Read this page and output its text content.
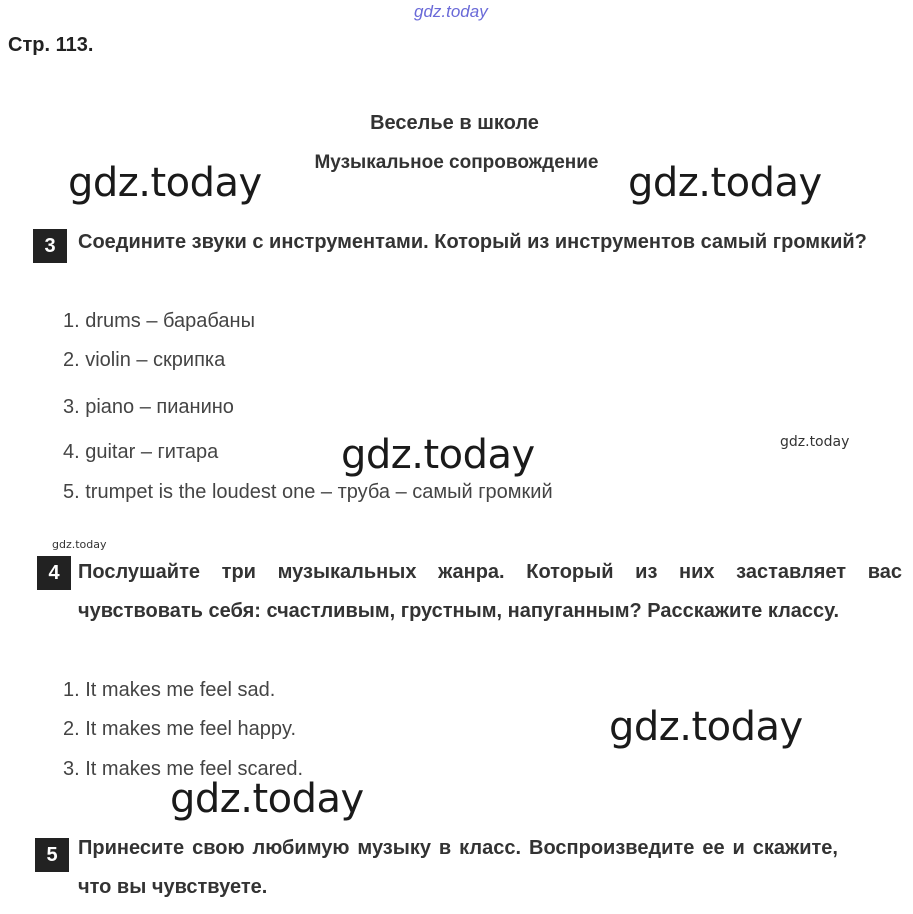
gdz.today
Стр. 113.
Веселье в школе
Музыкальное сопровождение
gdz.today	gdz.today
3	Соедините звуки с инструментами. Который из инструментов самый громкий?
1. drums – барабаны
2. violin – скрипка
3. piano – пианино
4. guitar – гитара
5. trumpet is the loudest one – труба – самый громкий
gdz.today	gdz.today
gdz.today
4 Послушайте три музыкальных жанра. Который из них заставляет вас чувствовать себя: счастливым, грустным, напуганным? Расскажите классу.
1. It makes me feel sad.
2. It makes me feel happy.
3. It makes me feel scared.
gdz.today
gdz.today
5	Принесите свою любимую музыку в класс. Воспроизведите ее и скажите, что вы чувствуете.
